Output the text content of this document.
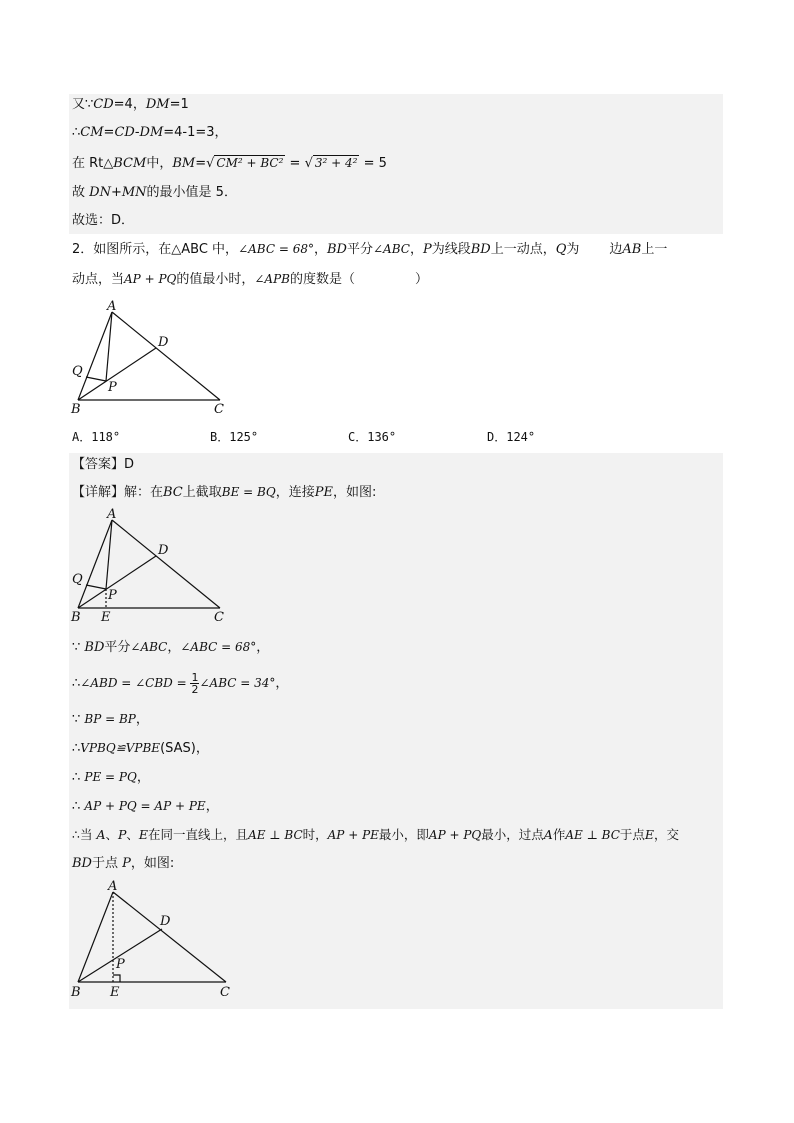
又∵CD=4，DM=1
∴CM=CD-DM=4-1=3，
在 Rt△BCM中，BM=√ CM² + BC² = √ 3² + 4² = 5
故 DN+MN的最小值是 5．
故选：D．
2．如图所示，在△ABC 中，∠ABC = 68°，BD平分∠ABC，P为线段BD上一动点，Q为 边AB上一
动点，当AP + PQ的值最小时，∠APB的度数是（	）
A
D
Q
P
B	C
A．118°	B．125°	C．136°	D．124°
【答案】D
【详解】解：在BC上截取BE = BQ，连接PE，如图:
A
D
Q
P
B E	C
∵ BD平分∠ABC，∠ABC = 68°，
∴∠ABD = ∠CBD = $\frac{1}{2}$ ∠ABC = 34°，
∵ BP = BP，
∴VPBQ≌VPBE(SAS)，
∴ PE = PQ，
∴ AP + PQ = AP + PE，
∴当 A、P、E在同一直线上，且AE ⊥ BC时，AP + PE最小，即AP + PQ最小，过点A作AE ⊥ BC于点E，交
BD于点 P，如图:
A
D
P
B E	C
